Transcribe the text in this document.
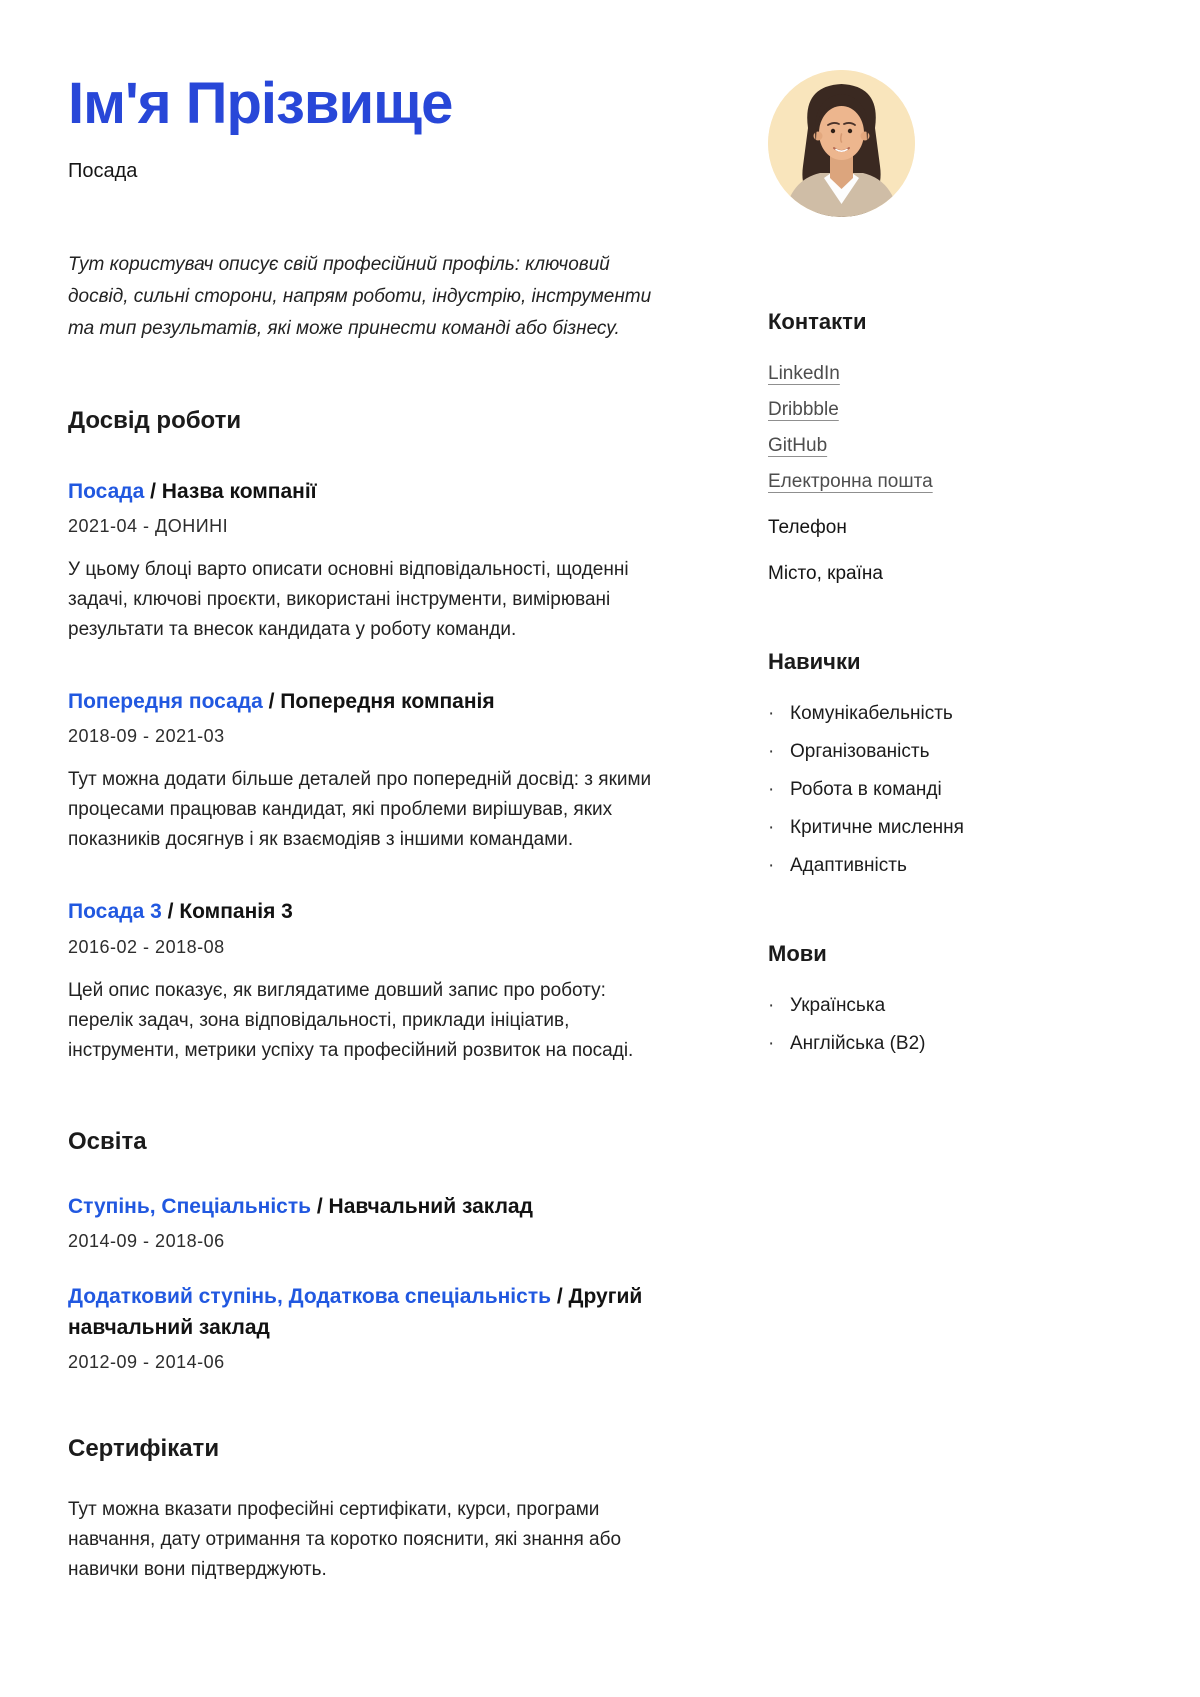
Ім'я Прізвище
Посада

Тут користувач описує свій професійний профіль: ключовий досвід, сильні сторони, напрям роботи, індустрію, інструменти та тип результатів, які може принести команді або бізнесу.

Досвід роботи
Посада / Назва компанії
2021-04 - ДОНИНІ

У цьому блоці варто описати основні відповідальності, щоденні задачі, ключові проєкти, використані інструменти, вимірювані результати та внесок кандидата у роботу команди.

Попередня посада / Попередня компанія
2018-09 - 2021-03

Тут можна додати більше деталей про попередній досвід: з якими процесами працював кандидат, які проблеми вирішував, яких показників досягнув і як взаємодіяв з іншими командами.

Посада 3 / Компанія 3
2016-02 - 2018-08

Цей опис показує, як виглядатиме довший запис про роботу: перелік задач, зона відповідальності, приклади ініціатив, інструменти, метрики успіху та професійний розвиток на посаді.

Освіта
Ступінь, Спеціальність / Навчальний заклад
2014-09 - 2018-06
Додатковий ступінь, Додаткова спеціальність / Другий навчальний заклад
2012-09 - 2014-06
Сертифікати

Тут можна вказати професійні сертифікати, курси, програми навчання, дату отримання та коротко пояснити, які знання або навички вони підтверджують.

Контакти
LinkedIn
Dribbble
GitHub
Електронна пошта
Телефон
Місто, країна
Навички
· Комунікабельність
· Організованість
· Робота в команді
· Критичне мислення
· Адаптивність
Мови
· Українська
· Англійська (B2)
